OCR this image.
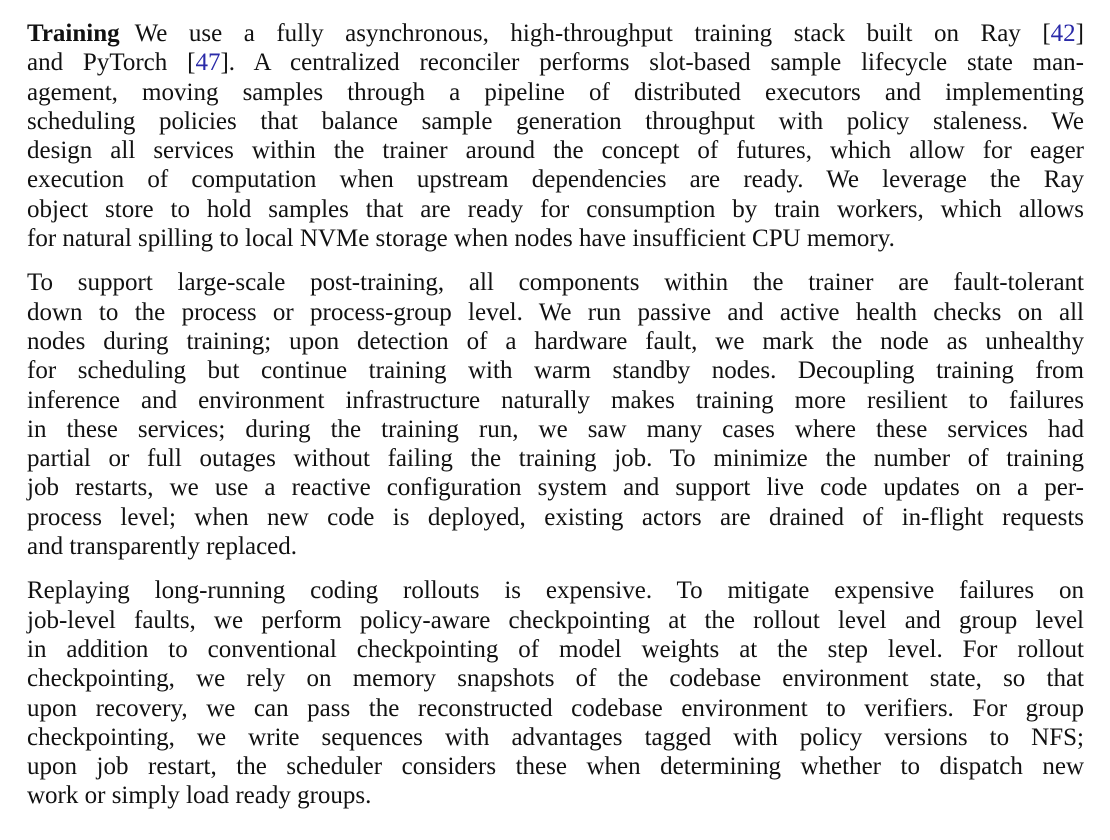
Training We use a fully asynchronous, high-throughput training stack built on Ray [42]
and PyTorch [47]. A centralized reconciler performs slot-based sample lifecycle state man-
agement, moving samples through a pipeline of distributed executors and implementing
scheduling policies that balance sample generation throughput with policy staleness. We
design all services within the trainer around the concept of futures, which allow for eager
execution of computation when upstream dependencies are ready. We leverage the Ray
object store to hold samples that are ready for consumption by train workers, which allows
for natural spilling to local NVMe storage when nodes have insufficient CPU memory.
To support large-scale post-training, all components within the trainer are fault-tolerant
down to the process or process-group level. We run passive and active health checks on all
nodes during training; upon detection of a hardware fault, we mark the node as unhealthy
for scheduling but continue training with warm standby nodes. Decoupling training from
inference and environment infrastructure naturally makes training more resilient to failures
in these services; during the training run, we saw many cases where these services had
partial or full outages without failing the training job. To minimize the number of training
job restarts, we use a reactive configuration system and support live code updates on a per-
process level; when new code is deployed, existing actors are drained of in-flight requests
and transparently replaced.
Replaying long-running coding rollouts is expensive. To mitigate expensive failures on
job-level faults, we perform policy-aware checkpointing at the rollout level and group level
in addition to conventional checkpointing of model weights at the step level. For rollout
checkpointing, we rely on memory snapshots of the codebase environment state, so that
upon recovery, we can pass the reconstructed codebase environment to verifiers. For group
checkpointing, we write sequences with advantages tagged with policy versions to NFS;
upon job restart, the scheduler considers these when determining whether to dispatch new
work or simply load ready groups.
